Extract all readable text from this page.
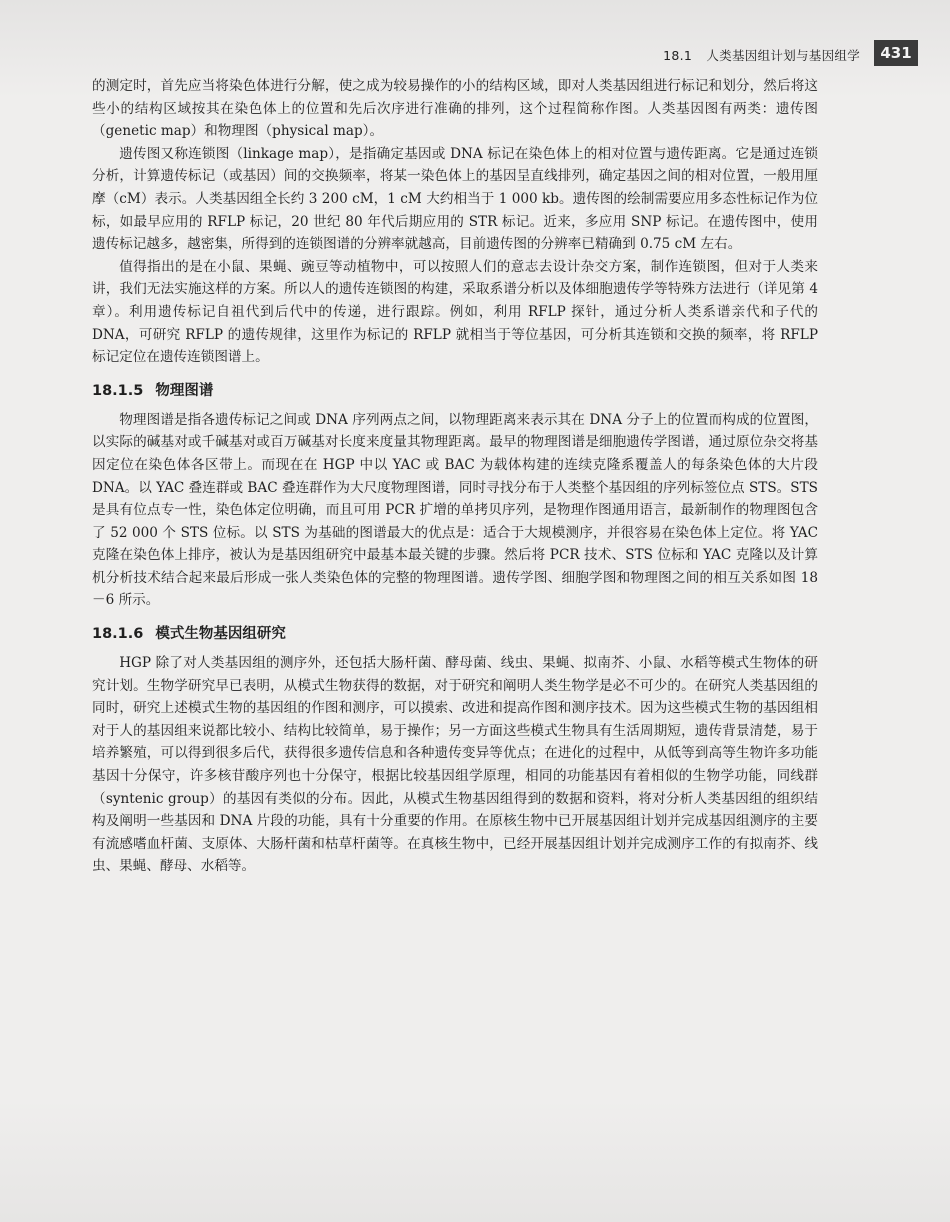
18.1 人类基因组计划与基因组学	431

的测定时，首先应当将染色体进行分解，使之成为较易操作的小的结构区域，即对人类基因组进行标记和划分，然后将这些小的结构区域按其在染色体上的位置和先后次序进行准确的排列，这个过程简称作图。人类基因图有两类：遗传图（genetic map）和物理图（physical map）。

遗传图又称连锁图（linkage map），是指确定基因或 DNA 标记在染色体上的相对位置与遗传距离。它是通过连锁分析，计算遗传标记（或基因）间的交换频率，将某一染色体上的基因呈直线排列，确定基因之间的相对位置，一般用厘摩（cM）表示。人类基因组全长约 3 200 cM，1 cM 大约相当于 1 000 kb。遗传图的绘制需要应用多态性标记作为位标，如最早应用的 RFLP 标记，20 世纪 80 年代后期应用的 STR 标记。近来，多应用 SNP 标记。在遗传图中，使用遗传标记越多，越密集，所得到的连锁图谱的分辨率就越高，目前遗传图的分辨率已精确到 0.75 cM 左右。

值得指出的是在小鼠、果蝇、豌豆等动植物中，可以按照人们的意志去设计杂交方案，制作连锁图，但对于人类来讲，我们无法实施这样的方案。所以人的遗传连锁图的构建，采取系谱分析以及体细胞遗传学等特殊方法进行（详见第 4 章）。利用遗传标记自祖代到后代中的传递，进行跟踪。例如，利用 RFLP 探针，通过分析人类系谱亲代和子代的 DNA，可研究 RFLP 的遗传规律，这里作为标记的 RFLP 就相当于等位基因，可分析其连锁和交换的频率，将 RFLP 标记定位在遗传连锁图谱上。

18.1.5 物理图谱

物理图谱是指各遗传标记之间或 DNA 序列两点之间，以物理距离来表示其在 DNA 分子上的位置而构成的位置图，以实际的碱基对或千碱基对或百万碱基对长度来度量其物理距离。最早的物理图谱是细胞遗传学图谱，通过原位杂交将基因定位在染色体各区带上。而现在在 HGP 中以 YAC 或 BAC 为载体构建的连续克隆系覆盖人的每条染色体的大片段 DNA。以 YAC 叠连群或 BAC 叠连群作为大尺度物理图谱，同时寻找分布于人类整个基因组的序列标签位点 STS。STS 是具有位点专一性，染色体定位明确，而且可用 PCR 扩增的单拷贝序列，是物理作图通用语言，最新制作的物理图包含了 52 000 个 STS 位标。以 STS 为基础的图谱最大的优点是：适合于大规模测序，并很容易在染色体上定位。将 YAC 克隆在染色体上排序，被认为是基因组研究中最基本最关键的步骤。然后将 PCR 技术、STS 位标和 YAC 克隆以及计算机分析技术结合起来最后形成一张人类染色体的完整的物理图谱。遗传学图、细胞学图和物理图之间的相互关系如图 18－6 所示。

18.1.6 模式生物基因组研究

HGP 除了对人类基因组的测序外，还包括大肠杆菌、酵母菌、线虫、果蝇、拟南芥、小鼠、水稻等模式生物体的研究计划。生物学研究早已表明，从模式生物获得的数据，对于研究和阐明人类生物学是必不可少的。在研究人类基因组的同时，研究上述模式生物的基因组的作图和测序，可以摸索、改进和提高作图和测序技术。因为这些模式生物的基因组相对于人的基因组来说都比较小、结构比较简单，易于操作；另一方面这些模式生物具有生活周期短，遗传背景清楚，易于培养繁殖，可以得到很多后代，获得很多遗传信息和各种遗传变异等优点；在进化的过程中，从低等到高等生物许多功能基因十分保守，许多核苷酸序列也十分保守，根据比较基因组学原理，相同的功能基因有着相似的生物学功能，同线群（syntenic group）的基因有类似的分布。因此，从模式生物基因组得到的数据和资料，将对分析人类基因组的组织结构及阐明一些基因和 DNA 片段的功能，具有十分重要的作用。在原核生物中已开展基因组计划并完成基因组测序的主要有流感嗜血杆菌、支原体、大肠杆菌和枯草杆菌等。在真核生物中，已经开展基因组计划并完成测序工作的有拟南芥、线虫、果蝇、酵母、水稻等。
